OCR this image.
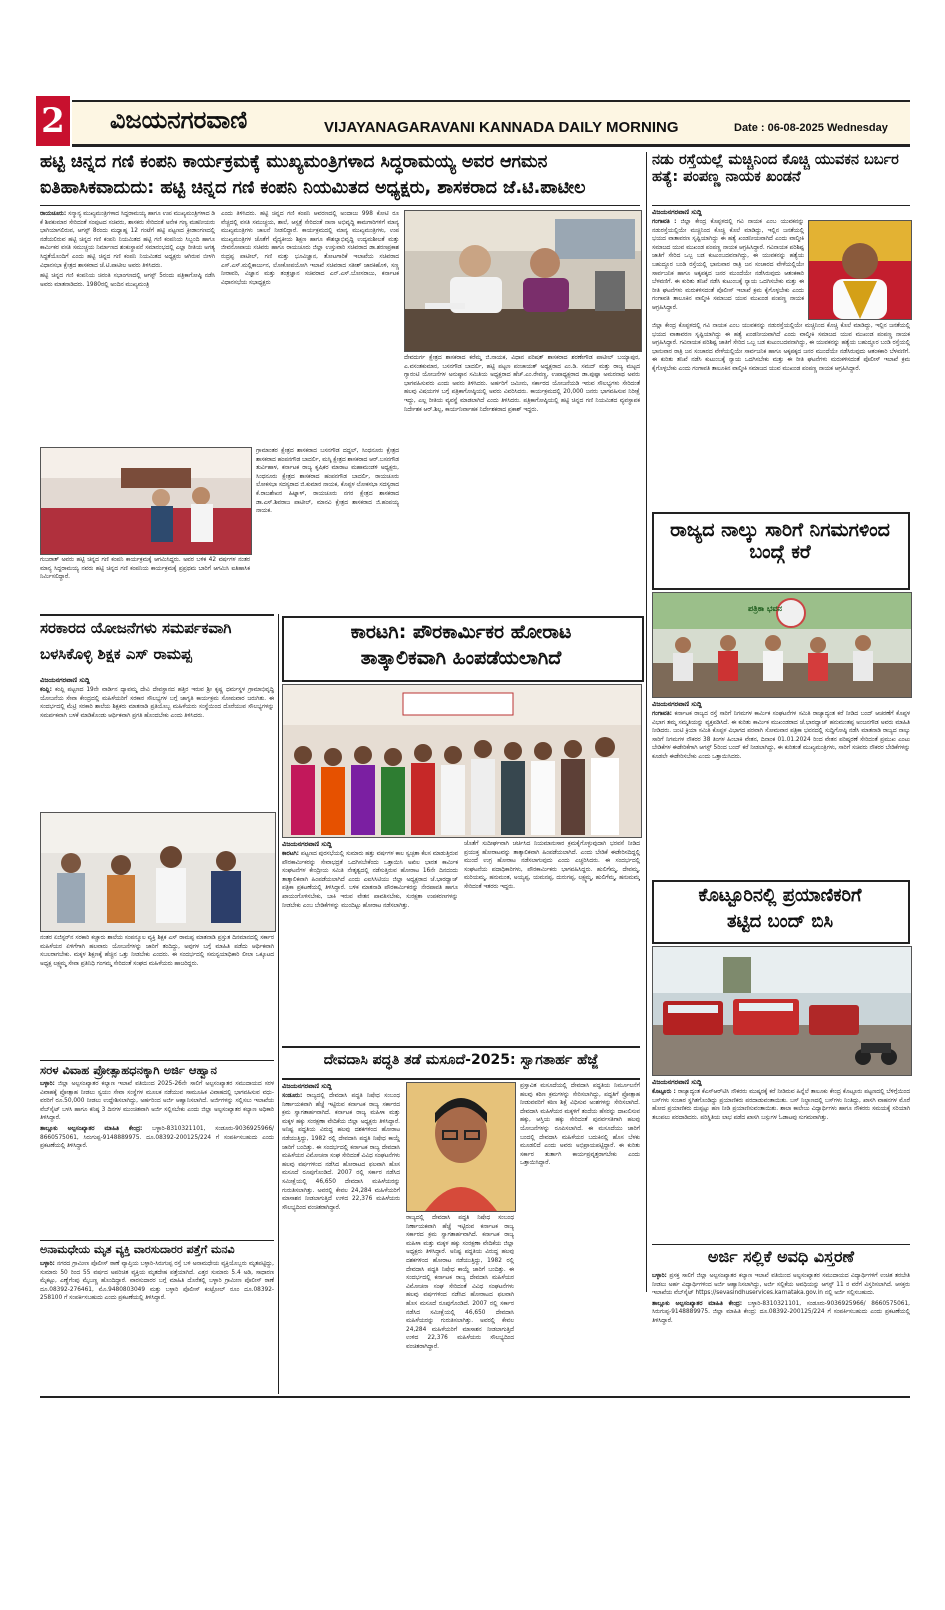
2 ವಿಜಯನಗರವಾಣಿ	VIJAYANAGARAVANI KANNADA DAILY MORNING	Date : 06-08-2025 Wednesday
ಹಟ್ಟಿ ಚಿನ್ನದ ಗಣಿ ಕಂಪನಿ ಕಾರ್ಯಕ್ರಮಕ್ಕೆ ಮುಖ್ಯಮಂತ್ರಿಗಳಾದ ಸಿದ್ಧರಾಮಯ್ಯ ಅವರ ಆಗಮನ
ಐತಿಹಾಸಿಕವಾದುದು: ಹಟ್ಟಿ ಚಿನ್ನದ ಗಣಿ ಕಂಪನಿ ನಿಯಮಿತದ ಅಧ್ಯಕ್ಷರು, ಶಾಸಕರಾದ ಜೆ.ಟಿ.ಪಾಟೀಲ

ರಾಯಚೂರು: ಸನ್ಮಾನ್ಯ ಮುಖ್ಯಮಂತ್ರಿಗಳಾದ ಸಿದ್ದರಾಮಯ್ಯ ಹಾಗೂ ಉಪ ಮುಖ್ಯಮಂತ್ರಿಗಳಾದ ಡಿ ಕೆ ಶಿವಕುಮಾರ ಸೇರಿದಂತೆ ಸಂಪುಟದ ಸಚಿವರು, ಶಾಸಕರು ಸೇರಿದಂತೆ ಅನೇಕ ಗಣ್ಯ ಮಹನೀಯರು ಭಾಗಿಯಾಗಲಿರುವ, ಆಗಸ್ಟ್ 8ರಂದು ಮಧ್ಯಾಹ್ನ 12 ಗಂಟೆಗೆ ಹಟ್ಟಿ ಪಟ್ಟಣದ ಕ್ರೀಡಾಂಗಣದಲ್ಲಿ ನಡೆಯಲಿರುವ ಹಟ್ಟಿ ಚಿನ್ನದ ಗಣಿ ಕಂಪನಿ ನಿಯಮಿತದ ಹಟ್ಟಿ ಗಣಿ ಕಂಪನಿಯ ಸಿಬ್ಬಂದಿ ಹಾಗೂ ಕಾರ್ಮಿಕರ ವಸತಿ ಸಮುಚ್ಚಯ ನಿರ್ಮಾಣದ ಶಂಕುಸ್ಥಾಪನೆ ಸಮಾರಂಭದಲ್ಲಿ ಎಲ್ಲಾ ರೀತಿಯ ಅಗತ್ಯ ಸಿದ್ಧತೆಯೊಂದಿಗೆ ಎಂದು ಹಟ್ಟಿ ಚಿನ್ನದ ಗಣಿ ಕಂಪನಿ ನಿಯಮಿತದ ಅಧ್ಯಕ್ಷರು ಆಗಿರುವ ಬೀಳಗಿ ವಿಧಾನಸಭಾ ಕ್ಷೇತ್ರದ ಶಾಸಕರಾದ ಜೆ.ಟಿ.ಪಾಟೀಲ ಅವರು ತಿಳಿಸಿದರು.

ಹಟ್ಟಿ ಚಿನ್ನದ ಗಣಿ ಕಂಪನಿಯ ಚಿರಂತಿ ಸಭಾಂಗಣದಲ್ಲಿ ಆಗಸ್ಟ್ 5ರಂದು ಪತ್ರಿಕಾಗೋಷ್ಠಿ ನಡೆಸಿ ಅವರು ಮಾತನಾಡಿದರು. 1980ರಲ್ಲಿ ಅಂದಿನ ಮುಖ್ಯಮಂತ್ರಿ

ಎಂದು ತಿಳಿಸಿದರು. ಹಟ್ಟಿ ಚಿನ್ನದ ಗಣಿ ಕಂಪನಿ ಆವರಣದಲ್ಲಿ ಅಂದಾಜು 998 ಕೋಟಿ ರೂ ವೆಚ್ಚದಲ್ಲಿ ವಸತಿ ಸಮುಚ್ಚಯ, ಶಾಲೆ, ಆಸ್ಪತ್ರೆ ಸೇರಿದಂತೆ ನಾನಾ ಅಭಿವೃದ್ಧಿ ಕಾಮಗಾರಿಗಳಿಗೆ ಮಾನ್ಯ ಮುಖ್ಯಮಂತ್ರಿಗಳು ಚಾಲನೆ ನೀಡಲಿದ್ದಾರೆ. ಕಾರ್ಯಕ್ರಮದಲ್ಲಿ ಮಾನ್ಯ ಮುಖ್ಯಮಂತ್ರಿಗಳು, ಉಪ ಮುಖ್ಯಮಂತ್ರಿಗಳ ಜೊತೆಗೆ ವೈದ್ಯಕೀಯ ಶಿಕ್ಷಣ ಹಾಗೂ ಕೌಶಲ್ಯಾಭಿವೃದ್ಧಿ ಉದ್ಯಮಶೀಲತೆ ಮತ್ತು ಜೀವನೋಪಾಯ ಸಚಿವರು ಹಾಗೂ ರಾಯಚೂರು ಜಿಲ್ಲಾ ಉಸ್ತುವಾರಿ ಸಚಿವರಾದ ಡಾ.ಶರಣಪ್ರಕಾಶ ರುದ್ರಪ್ಪ ಪಾಟೀಲ್, ಗಣಿ ಮತ್ತು ಭೂವಿಜ್ಞಾನ, ತೋಟಗಾರಿಕೆ ಇಲಾಖೆಯ ಸಚಿವರಾದ ಎಸ್.ಎಸ್.ಮಲ್ಲಿಕಾರ್ಜುನ, ಲೋಕೋಪಯೋಗಿ ಇಲಾಖೆ ಸಚಿವರಾದ ಸತೀಶ್ ಜಾರಕಿಹೊಳಿ, ಸಣ್ಣ ನೀರಾವರಿ, ವಿಜ್ಞಾನ ಮತ್ತು ತಂತ್ರಜ್ಞಾನ ಸಚಿವರಾದ ಎನ್.ಎಸ್.ಬೋಸರಾಜು, ಕರ್ನಾಟಕ ವಿಧಾನಸಭೆಯ ಸಭಾಧ್ಯಕ್ಷರು

ದೇವದುರ್ಗ ಕ್ಷೇತ್ರದ ಶಾಸಕರಾದ ಕರೆಮ್ಮ ಜಿ.ನಾಯಕ, ವಿಧಾನ ಪರಿಷತ್ ಶಾಸಕರಾದ ಶರಣೇಗೌಡ ಪಾಟೀಲ್ ಬಯ್ಯಾಪುರ, ಎ.ವಸಂತಕುಮಾರ, ಬಸನಗೌಡ ಬಾದರ್ಲಿ, ಹಟ್ಟಿ ಪಟ್ಟಣ ಪಂಚಾಯತ್ ಅಧ್ಯಕ್ಷರಾದ ಎಂ.ಡಿ. ಸಮದ್ ಮತ್ತು ರಾಜ್ಯ ಮಟ್ಟದ ಗ್ಯಾರಂಟಿ ಯೋಜನೆಗಳ ಅನುಷ್ಠಾನ ಸಮಿತಿಯ ಅಧ್ಯಕ್ಷರಾದ ಹೆಚ್.ಎಂ.ರೇವಣ್ಣ, ಉಪಾಧ್ಯಕ್ಷರಾದ ಡಾ.ಪುಷ್ಪಾ ಅಮರನಾಥ ಅವರು ಭಾಗವಹಿಸುವರು ಎಂದು ಅವರು ತಿಳಿಸಿದರು. ಅರ್ಹರಿಗೆ ಜಮೀನು, ಸರ್ಕಾರದ ಯೋಜನೆಯಡಿ ಇರುವ ಸೌಲಭ್ಯಗಳು ಸೇರಿದಂತೆ ಹಲವು ವಿಷಯಗಳ ಬಗ್ಗೆ ಪತ್ರಿಕಾಗೋಷ್ಠಿಯಲ್ಲಿ ಅವರು ವಿವರಿಸಿದರು. ಕಾರ್ಯಕ್ರಮದಲ್ಲಿ 20,000 ಜನರು ಭಾಗವಹಿಸುವ ನಿರೀಕ್ಷೆ ಇದ್ದು, ಎಲ್ಲ ರೀತಿಯ ವ್ಯವಸ್ಥೆ ಮಾಡಲಾಗಿದೆ ಎಂದು ತಿಳಿಸಿದರು. ಪತ್ರಿಕಾಗೋಷ್ಠಿಯಲ್ಲಿ ಹಟ್ಟಿ ಚಿನ್ನದ ಗಣಿ ನಿಯಮಿತದ ವ್ಯವಸ್ಥಾಪಕ ನಿರ್ದೇಶಕ ಆರ್.ಶಿಲ್ಪ, ಕಾರ್ಯನಿರ್ವಾಹಕ ನಿರ್ದೇಶಕರಾದ ಪ್ರಕಾಶ್ ಇದ್ದರು.

ಗ್ರಾಮಾಂತರ ಕ್ಷೇತ್ರದ ಶಾಸಕರಾದ ಬಸನಗೌಡ ದದ್ದಲ್, ಸಿಂಧನೂರು ಕ್ಷೇತ್ರದ ಶಾಸಕರಾದ ಹಂಪನಗೌಡ ಬಾದರ್ಲಿ, ಮಸ್ಕಿ ಕ್ಷೇತ್ರದ ಶಾಸಕರಾದ ಆರ್.ಬಸನಗೌಡ ತುರ್ವಿಹಾಳ, ಕರ್ನಾಟಕ ರಾಜ್ಯ ಕೃಷಿಕರ ಮಾರಾಟ ಮಹಾಮಂಡಳಿ ಅಧ್ಯಕ್ಷರು, ಸಿಂಧನೂರು ಕ್ಷೇತ್ರದ ಶಾಸಕರಾದ ಹಂಪನಗೌಡ ಬಾದರ್ಲಿ, ರಾಯಚೂರು ಲೋಕಸಭಾ ಸದಸ್ಯರಾದ ಜಿ.ಕುಮಾರ ನಾಯಕ, ಕೊಪ್ಪಳ ಲೋಕಸಭಾ ಸದಸ್ಯರಾದ ಕೆ.ರಾಜಶೇಖರ ಹಿಟ್ನಾಳ್, ರಾಯಚೂರು ನಗರ ಕ್ಷೇತ್ರದ ಶಾಸಕರಾದ ಡಾ.ಎಸ್.ಶಿವರಾಜ ಪಾಟೀಲ್, ಮಾನವಿ ಕ್ಷೇತ್ರದ ಶಾಸಕರಾದ ಜಿ.ಹಂಪಯ್ಯ ನಾಯಕ.

ಗುಜರಾತ್ ಅವರು ಹಟ್ಟಿ ಚಿನ್ನದ ಗಣಿ ಕಂಪನಿ ಕಾರ್ಯಕ್ರಮಕ್ಕೆ ಆಗಮಿಸಿದ್ದರು. ಅವರ ಬಳಿಕ 42 ವರ್ಷಗಳ ನಂತರ ಮಾನ್ಯ ಸಿದ್ದರಾಮಯ್ಯ ನವರು ಹಟ್ಟಿ ಚಿನ್ನದ ಗಣಿ ಕಂಪನಿಯ ಕಾರ್ಯಕ್ರಮಕ್ಕೆ ಪ್ರಪ್ರಥಮ ಬಾರಿಗೆ ಆಗಮಿಸಿ ಐತಿಹಾಸಿಕ ನಿರ್ಮಿಸಲಿದ್ದಾರೆ.

ನಡು ರಸ್ತೆಯಲ್ಲೆ ಮಚ್ಚಿನಿಂದ ಕೊಚ್ಚಿ ಯುವಕನ ಬರ್ಬರ ಹತ್ಯೆ: ಪಂಪಣ್ಣ ನಾಯಕ ಖಂಡನೆ
ವಿಜಯನಗರವಾಣಿ ಸುದ್ದಿ

ಗಂಗಾವತಿ : ಜಿಲ್ಲಾ ಕೇಂದ್ರ ಕೊಪ್ಪಳದಲ್ಲಿ ಗವಿ ನಾಯಕ ಎಂಬ ಯುವಕನನ್ನು ನಡುರಸ್ತೆಯಲ್ಲಿಯೇ ಮಚ್ಚಿನಿಂದ ಕೊಚ್ಚಿ ಕೊಲೆ ಮಾಡಿದ್ದು, ಇಲ್ಲಿನ ಜನತೆಯಲ್ಲಿ ಭಯದ ವಾತಾವರಣ ಸೃಷ್ಟಿಯಾಗಿದ್ದು ಈ ಹತ್ಯೆ ಖಂಡನೀಯವಾಗಿದೆ ಎಂದು ವಾಲ್ಮೀಕಿ ಸಮಾಜದ ಯುವ ಮುಖಂಡ ಪಂಪಣ್ಣ ನಾಯಕ ಆಗ್ರಹಿಸಿದ್ದಾರೆ. ಗವಿನಾಯಕ ಪರಿಶಿಷ್ಟ ಜಾತಿಗೆ ಸೇರಿದ ಒಬ್ಬ ಬಡ ಕುಟುಂಬದವನಾಗಿದ್ದು, ಈ ಯುವಕನನ್ನು ಹತ್ಯೆಯ ಬಹುದ್ದೂರ ಬಂಡಿ ರಸ್ತೆಯಲ್ಲಿ ಭಾನುವಾರ ರಾತ್ರಿ ಜನ ಸಂಚಾರದ ವೇಳೆಯಲ್ಲಿಯೇ ಸಾರ್ವಜನಿಕ ಹಾಗೂ ಅಕ್ಕಪಕ್ಕದ ಜನರ ಮುಂದೆಯೇ ನಡೆಸಿರುವುದು ಆತಂಕಕಾರಿ ಬೆಳವಣಿಗೆ. ಈ ಕುರಿತು ತನಿಖೆ ನಡೆಸಿ ಕುಟುಂಬಕ್ಕೆ ನ್ಯಾಯ ಒದಗಿಸಬೇಕು ಮತ್ತು ಈ ರೀತಿ ಘಟನೆಗಳು ಮರುಕಳಿಸದಂತೆ ಪೊಲೀಸ್ ಇಲಾಖೆ ಕ್ರಮ ಕೈಗೊಳ್ಳಬೇಕು ಎಂದು ಗಂಗಾವತಿ ತಾಲೂಕಿನ ವಾಲ್ಮೀಕಿ ಸಮಾಜದ ಯುವ ಮುಖಂಡ ಪಂಪಣ್ಣ ನಾಯಕ ಆಗ್ರಹಿಸಿದ್ದಾರೆ.

ಜಿಲ್ಲಾ ಕೇಂದ್ರ ಕೊಪ್ಪಳದಲ್ಲಿ ಗವಿ ನಾಯಕ ಎಂಬ ಯುವಕನನ್ನು ನಡುರಸ್ತೆಯಲ್ಲಿಯೇ ಮಚ್ಚಿನಿಂದ ಕೊಚ್ಚಿ ಕೊಲೆ ಮಾಡಿದ್ದು, ಇಲ್ಲಿನ ಜನತೆಯಲ್ಲಿ ಭಯದ ವಾತಾವರಣ ಸೃಷ್ಟಿಯಾಗಿದ್ದು ಈ ಹತ್ಯೆ ಖಂಡನೀಯವಾಗಿದೆ ಎಂದು ವಾಲ್ಮೀಕಿ ಸಮಾಜದ ಯುವ ಮುಖಂಡ ಪಂಪಣ್ಣ ನಾಯಕ ಆಗ್ರಹಿಸಿದ್ದಾರೆ. ಗವಿನಾಯಕ ಪರಿಶಿಷ್ಟ ಜಾತಿಗೆ ಸೇರಿದ ಒಬ್ಬ ಬಡ ಕುಟುಂಬದವನಾಗಿದ್ದು, ಈ ಯುವಕನನ್ನು ಹತ್ಯೆಯ ಬಹುದ್ದೂರ ಬಂಡಿ ರಸ್ತೆಯಲ್ಲಿ ಭಾನುವಾರ ರಾತ್ರಿ ಜನ ಸಂಚಾರದ ವೇಳೆಯಲ್ಲಿಯೇ ಸಾರ್ವಜನಿಕ ಹಾಗೂ ಅಕ್ಕಪಕ್ಕದ ಜನರ ಮುಂದೆಯೇ ನಡೆಸಿರುವುದು ಆತಂಕಕಾರಿ ಬೆಳವಣಿಗೆ. ಈ ಕುರಿತು ತನಿಖೆ ನಡೆಸಿ ಕುಟುಂಬಕ್ಕೆ ನ್ಯಾಯ ಒದಗಿಸಬೇಕು ಮತ್ತು ಈ ರೀತಿ ಘಟನೆಗಳು ಮರುಕಳಿಸದಂತೆ ಪೊಲೀಸ್ ಇಲಾಖೆ ಕ್ರಮ ಕೈಗೊಳ್ಳಬೇಕು ಎಂದು ಗಂಗಾವತಿ ತಾಲೂಕಿನ ವಾಲ್ಮೀಕಿ ಸಮಾಜದ ಯುವ ಮುಖಂಡ ಪಂಪಣ್ಣ ನಾಯಕ ಆಗ್ರಹಿಸಿದ್ದಾರೆ.

ರಾಜ್ಯದ ನಾಲ್ಕು ಸಾರಿಗೆ ನಿಗಮಗಳಿಂದ ಬಂದ್ಗೆ ಕರೆ
ಪತ್ರಿಕಾ ಭವನ
ವಿಜಯನಗರವಾಣಿ ಸುದ್ದಿ

ಗಂಗಾವತಿ: ಕರ್ನಾಟಕ ರಾಜ್ಯದ ರಸ್ತೆ ಸಾರಿಗೆ ನಿಗಮಗಳ ಕಾರ್ಮಿಕ ಸಂಘಟನೆಗಳ ಸಮಿತಿ ರಾಜ್ಯಾದ್ಯಂತ ಕರೆ ನೀಡಿದ ಬಂದ್ ಆಚರಣೆಗೆ ಕೊಪ್ಪಳ ವಿಭಾಗ ತಮ್ಮ ಸಮ್ಮತಿಯನ್ನು ವ್ಯಕ್ತಪಡಿಸಿದೆ. ಈ ಕುರಿತು ಕಾರ್ಮಿಕ ಮುಖಂಡರಾದ ಜೆ.ಭಾರದ್ವಾಜ್ ಹನುಮಂತಪ್ಪ ಅಂಜನಗೌಡ ಅವರು ಮಾಹಿತಿ ನೀಡಿದರು. ಜಂಟಿ ಕ್ರಿಯಾ ಸಮಿತಿ ಕೊಪ್ಪಳ ವಿಭಾಗದ ಪರವಾಗಿ ಸೋಮವಾರ ಪತ್ರಿಕಾ ಭವನದಲ್ಲಿ ಸುದ್ದಿಗೋಷ್ಠಿ ನಡೆಸಿ ಮಾತನಾಡಿ ರಾಜ್ಯದ ನಾಲ್ಕು ಸಾರಿಗೆ ನಿಗಮಗಳ ನೌಕರರ 38 ತಿಂಗಳ ಹಿಂಬಾಕಿ ವೇತನ, ದಿನಾಂಕ 01.01.2024 ರಿಂದ ವೇತನ ಪರಿಷ್ಕರಣೆ ಸೇರಿದಂತೆ ಪ್ರಮುಖ ಎಂಟು ಬೇಡಿಕೆಗಳ ಈಡೇರಿಕೆಗಾಗಿ ಆಗಸ್ಟ್ 5ರಿಂದ ಬಂದ್ ಕರೆ ನೀಡಲಾಗಿದ್ದು, ಈ ಕುರಿತಂತೆ ಮುಖ್ಯಮಂತ್ರಿಗಳು, ಸಾರಿಗೆ ಸಚಿವರು ನೌಕರರ ಬೇಡಿಕೆಗಳನ್ನು ಕೂಡಲೇ ಈಡೇರಿಸಬೇಕು ಎಂದು ಒತ್ತಾಯಿಸಿದರು.

ಕೊಟ್ಟೂರಿನಲ್ಲಿ ಪ್ರಯಾಣಿಕರಿಗೆ
ತಟ್ಟಿದ ಬಂದ್ ಬಿಸಿ
ವಿಜಯನಗರವಾಣಿ ಸುದ್ದಿ

ಕೊಟ್ಟೂರು : ರಾಜ್ಯಾದ್ಯಂತ ಕೆಎಸ್ಆರ್‌ಟಿಸಿ ನೌಕರರು ಮುಷ್ಕರಕ್ಕೆ ಕರೆ ನೀಡಿರುವ ಹಿನ್ನೆಲೆ ತಾಲೂಕು ಕೇಂದ್ರ ಕೊಟ್ಟೂರು ಪಟ್ಟಣದಲ್ಲಿ ಬೆಳಿಗ್ಗೆಯಿಂದ ಬಸ್‌ಗಳು ಸಂಚಾರ ಸ್ಥಗಿತಗೊಂಡಿದ್ದು ಪ್ರಯಾಣಿಕರು ಪರದಾಡುವಂತಾಯಿತು. ಬಸ್ ನಿಲ್ದಾಣದಲ್ಲಿ ಬಸ್‌ಗಳು ನಿಂತಿದ್ದು, ಖಾಸಗಿ ವಾಹನಗಳ ಮೊರೆ ಹೋದ ಪ್ರಯಾಣಿಕರು ದುಪ್ಪಟ್ಟು ಹಣ ನೀಡಿ ಪ್ರಯಾಣಿಸುವಂತಾಯಿತು. ಶಾಲಾ ಕಾಲೇಜು ವಿದ್ಯಾರ್ಥಿಗಳು ಹಾಗೂ ನೌಕರರು ಸಮಯಕ್ಕೆ ಸರಿಯಾಗಿ ತಲುಪಲು ಪರದಾಡಿದರು. ಪರಿಸ್ಥಿತಿಯ ಲಾಭ ಪಡೆದ ಖಾಸಗಿ ಬಸ್ಸುಗಳ ಓಡಾಟವು ಸುಗಮವಾಗಿತ್ತು.

ಅರ್ಜಿ ಸಲ್ಲಿಕೆ ಅವಧಿ ವಿಸ್ತರಣೆ

ಬಳ್ಳಾರಿ: ಪ್ರಸಕ್ತ ಸಾಲಿಗೆ ಜಿಲ್ಲಾ ಅಲ್ಪಸಂಖ್ಯಾತರ ಕಲ್ಯಾಣ ಇಲಾಖೆ ವತಿಯಿಂದ ಅಲ್ಪಸಂಖ್ಯಾತರ ಸಮುದಾಯದ ವಿದ್ಯಾರ್ಥಿಗಳಿಗೆ ಉಚಿತ ತರಬೇತಿ ನೀಡಲು ಅರ್ಹ ವಿದ್ಯಾರ್ಥಿಗಳಿಂದ ಅರ್ಜಿ ಆಹ್ವಾನಿಸಲಾಗಿದ್ದು, ಅರ್ಜಿ ಸಲ್ಲಿಕೆಯ ಅವಧಿಯನ್ನು ಆಗಸ್ಟ್ 11 ರ ವರೆಗೆ ವಿಸ್ತರಿಸಲಾಗಿದೆ. ಆಸಕ್ತರು ಇಲಾಖೆಯ ವೆಬ್‌ಸೈಟ್ https://sevasindhuservices.karnataka.gov.in ನಲ್ಲಿ ಅರ್ಜಿ ಸಲ್ಲಿಸಬಹುದು.

ತಾಲ್ಲೂಕು ಅಲ್ಪಸಂಖ್ಯಾತರ ಮಾಹಿತಿ ಕೇಂದ್ರ: ಬಳ್ಳಾರಿ-8310321101, ಸಂಡೂರು-9036925966/ 8660575061, ಸಿರುಗುಪ್ಪ-9148889975. ಜಿಲ್ಲಾ ಮಾಹಿತಿ ಕೇಂದ್ರ: ದೂ.08392-200125/224 ಗೆ ಸಂಪರ್ಕಿಸಬಹುದು ಎಂದು ಪ್ರಕಟಣೆಯಲ್ಲಿ ತಿಳಿಸಿದ್ದಾರೆ.

ಸರಕಾರದ ಯೋಜನೆಗಳು ಸಮರ್ಪಕವಾಗಿ
ಬಳಸಿಕೊಳ್ಳಿ ಶಿಕ್ಷಕ ಎಸ್ ರಾಮಪ್ಪ
ವಿಜಯನಗರವಾಣಿ ಸುದ್ದಿ

ಕಂಪ್ಲಿ: ಕಂಪ್ಲಿ ಪಟ್ಟಣದ 19ನೇ ವಾರ್ಡಿನ ದ್ಯಾವಮ್ಮ ದೇವಿ ದೇವಸ್ಥಾನದ ಹತ್ತಿರ ಇರುವ ಶ್ರೀ ಕೃಷ್ಣ ಧರ್ಮಸ್ಥಳ ಗ್ರಾಮಾಭಿವೃದ್ಧಿ ಯೋಜನೆಯ ಸೇವಾ ಕೇಂದ್ರದಲ್ಲಿ ಮಹಿಳೆಯರಿಗೆ ಸರಕಾರ ಸೌಲಭ್ಯಗಳ ಬಗ್ಗೆ ಜಾಗೃತಿ ಕಾರ್ಯಕ್ರಮ ಸೋಮವಾರ ಜರುಗಿತು. ಈ ಸಂದರ್ಭದಲ್ಲಿ ಮೆಟ್ರಿ ಸರಕಾರಿ ಶಾಲೆಯ ಶಿಕ್ಷಕರು ಮಾತನಾಡಿ ಪ್ರತಿಯೊಬ್ಬ ಮಹಿಳೆಯರು ಸಂಸ್ಥೆಯಿಂದ ದೊರೆಯುವ ಸೌಲಭ್ಯಗಳನ್ನು ಸಮರ್ಪಕವಾಗಿ ಬಳಕೆ ಮಾಡಿಕೊಂಡು ಆರ್ಥಿಕವಾಗಿ ಪ್ರಗತಿ ಹೊಂದಬೇಕು ಎಂದು ತಿಳಿಸಿದರು.

ನಂತರ ಏಜಿಸ್ಟರ್‌ನ ಸರಕಾರಿ ಕಚ್ಚಾರು ಶಾಲೆಯ ಸಂಪನ್ಮೂಲ ವ್ಯಕ್ತಿ ಶಿಕ್ಷಕ ಎಸ್ ರಾಮಪ್ಪ ಮಾತನಾಡಿ ಪ್ರಸ್ತುತ ದಿನಮಾನದಲ್ಲಿ ಸರ್ಕಾರ ಮಹಿಳೆಯರ ಏಳಿಗೆಗಾಗಿ ಹಲವಾರು ಯೋಜನೆಗಳನ್ನು ಜಾರಿಗೆ ತಂದಿದ್ದು, ಅವುಗಳ ಬಗ್ಗೆ ಮಾಹಿತಿ ಪಡೆದು ಆರ್ಥಿಕವಾಗಿ ಸಬಲರಾಗಬೇಕು. ಮಕ್ಕಳ ಶಿಕ್ಷಣಕ್ಕೆ ಹೆಚ್ಚಿನ ಒತ್ತು ನೀಡಬೇಕು ಎಂದರು. ಈ ಸಂದರ್ಭದಲ್ಲಿ ಸಮನ್ವಯಾಧಿಕಾರಿ ಲೀಲಾ ಒಕ್ಕೂಟದ ಅಧ್ಯಕ್ಷ ಲಕ್ಷ್ಮಮ್ಮ ಸೇವಾ ಪ್ರತಿನಿಧಿ ಗಂಗಮ್ಮ ಸೇರಿದಂತೆ ಸಂಘದ ಮಹಿಳೆಯರು ಹಾಜರಿದ್ದರು.

ಸರಳ ವಿವಾಹ ಪ್ರೋತ್ಸಾಹಧನಕ್ಕಾಗಿ ಅರ್ಜಿ ಆಹ್ವಾನ

ಬಳ್ಳಾರಿ: ಜಿಲ್ಲಾ ಅಲ್ಪಸಂಖ್ಯಾತರ ಕಲ್ಯಾಣ ಇಲಾಖೆ ವತಿಯಿಂದ 2025-26ನೇ ಸಾಲಿಗೆ ಅಲ್ಪಸಂಖ್ಯಾತರ ಸಮುದಾಯದ ಸರಳ ವಿವಾಹಕ್ಕೆ ಪ್ರೋತ್ಸಾಹ ನೀಡಲು ಸ್ವಯಂ ಸೇವಾ ಸಂಸ್ಥೆಗಳ ಮೂಲಕ ನಡೆಯುವ ಸಾಮೂಹಿಕ ವಿವಾಹದಲ್ಲಿ ಭಾಗವಹಿಸುವ ವಧು-ವರರಿಗೆ ರೂ.50,000 ನೀಡಲು ಉದ್ದೇಶಿಸಲಾಗಿದ್ದು, ಅರ್ಹರಿಂದ ಅರ್ಜಿ ಆಹ್ವಾನಿಸಲಾಗಿದೆ. ಅರ್ಜಿಗಳನ್ನು ಸಲ್ಲಿಸಲು ಇಲಾಖೆಯ ವೆಬ್‌ಸೈಟ್ ಬಳಸಿ ಹಾಗೂ ಕನಿಷ್ಠ 3 ದಿನಗಳ ಮುಂಚಿತವಾಗಿ ಅರ್ಜಿ ಸಲ್ಲಿಸಬೇಕು ಎಂದು ಜಿಲ್ಲಾ ಅಲ್ಪಸಂಖ್ಯಾತರ ಕಲ್ಯಾಣ ಅಧಿಕಾರಿ ತಿಳಿಸಿದ್ದಾರೆ.

ತಾಲ್ಲೂಕು ಅಲ್ಪಸಂಖ್ಯಾತರ ಮಾಹಿತಿ ಕೇಂದ್ರ: ಬಳ್ಳಾರಿ-8310321101, ಸಂಡೂರು-9036925966/ 8660575061, ಸಿರುಗುಪ್ಪ-9148889975. ದೂ.08392-200125/224 ಗೆ ಸಂಪರ್ಕಿಸಬಹುದು ಎಂದು ಪ್ರಕಟಣೆಯಲ್ಲಿ ತಿಳಿಸಿದ್ದಾರೆ.

ಅನಾಮಧೇಯ ಮೃತ ವ್ಯಕ್ತಿ ವಾರಸುದಾರರ ಪತ್ತೆಗೆ ಮನವಿ

ಬಳ್ಳಾರಿ: ನಗರದ ಗ್ರಾಮೀಣ ಪೊಲೀಸ್ ಠಾಣೆ ವ್ಯಾಪ್ತಿಯ ಬಳ್ಳಾರಿ-ಸಿರುಗುಪ್ಪ ರಸ್ತೆ ಬಳಿ ಅನಾಮಧೇಯ ವ್ಯಕ್ತಿಯೊಬ್ಬರು ಮೃತಪಟ್ಟಿದ್ದು, ಸುಮಾರು 50 ರಿಂದ 55 ವರ್ಷದ ಅಪರಿಚಿತ ವ್ಯಕ್ತಿಯ ಮೃತದೇಹ ಪತ್ತೆಯಾಗಿದೆ. ಎತ್ತರ ಸುಮಾರು 5.4 ಅಡಿ, ಸಾಧಾರಣ ಮೈಕಟ್ಟು, ಎಣ್ಣೆಗೆಂಪು ಮೈಬಣ್ಣ ಹೊಂದಿದ್ದಾರೆ. ವಾರಸುದಾರರ ಬಗ್ಗೆ ಮಾಹಿತಿ ದೊರೆತಲ್ಲಿ ಬಳ್ಳಾರಿ ಗ್ರಾಮೀಣ ಪೊಲೀಸ್ ಠಾಣೆ ದೂ.08392-276461, ಮೊ.9480803049 ಮತ್ತು ಬಳ್ಳಾರಿ ಪೊಲೀಸ್ ಕಂಟ್ರೋಲ್ ರೂಂ ದೂ.08392-258100 ಗೆ ಸಂಪರ್ಕಿಸಬಹುದು ಎಂದು ಪ್ರಕಟಣೆಯಲ್ಲಿ ತಿಳಿಸಿದ್ದಾರೆ.

ಕಾರಟಗಿ: ಪೌರಕಾರ್ಮಿಕರ ಹೋರಾಟ
ತಾತ್ಕಾಲಿಕವಾಗಿ ಹಿಂಪಡೆಯಲಾಗಿದೆ
ವಿಜಯನಗರವಾಣಿ ಸುದ್ದಿ

ಕಾರಟಗಿ: ಪಟ್ಟಣದ ಪುರಸಭೆಯಲ್ಲಿ ಸುಮಾರು ಹತ್ತು ವರ್ಷಗಳ ಕಾಲ ಸ್ವಚ್ಛತಾ ಕೆಲಸ ಮಾಡುತ್ತಿರುವ ಪೌರಕಾರ್ಮಿಕರನ್ನು ಸೇವಾಭದ್ರತೆ ಒದಗಿಸಬೇಕೆಂದು ಒತ್ತಾಯಿಸಿ ಅಖಿಲ ಭಾರತ ಕಾರ್ಮಿಕ ಸಂಘಟನೆಗಳ ಕೇಂದ್ರೀಯ ಸಮಿತಿ ನೇತೃತ್ವದಲ್ಲಿ ನಡೆಸುತ್ತಿರುವ ಹೋರಾಟ 16ನೇ ದಿನದಂದು ತಾತ್ಕಾಲಿಕವಾಗಿ ಹಿಂಪಡೆಯಲಾಗಿದೆ ಎಂದು ಎಐಸಿಸಿಟಿಯು ಜಿಲ್ಲಾ ಅಧ್ಯಕ್ಷರಾದ ಜೆ.ಭಾರದ್ವಾಜ್ ಪತ್ರಿಕಾ ಪ್ರಕಟಣೆಯಲ್ಲಿ ತಿಳಿಸಿದ್ದಾರೆ. ಬಳಿಕ ಮಾತನಾಡಿ ಪೌರಕಾರ್ಮಿಕರನ್ನು ನೇರಪಾವತಿ ಹಾಗೂ ಖಾಯಂಗೊಳಿಸಬೇಕು, ಬಾಕಿ ಇರುವ ವೇತನ ಪಾವತಿಸಬೇಕು, ಸುರಕ್ಷತಾ ಉಪಕರಣಗಳನ್ನು ನೀಡಬೇಕು ಎಂಬ ಬೇಡಿಕೆಗಳನ್ನು ಮುಂದಿಟ್ಟು ಹೋರಾಟ ನಡೆಸಲಾಗಿತ್ತು.

ಜೊತೆಗೆ ಸುದೀರ್ಘವಾಗಿ ಚರ್ಚಿಸಿದ ನಿಯಮಾನುಸಾರ ಕ್ರಮಕೈಗೊಳ್ಳುವುದಾಗಿ ಭರವಸೆ ನೀಡಿದ ಪ್ರಯುಕ್ತ ಹೋರಾಟವನ್ನು ತಾತ್ಕಾಲಿಕವಾಗಿ ಹಿಂಪಡೆಯಲಾಗಿದೆ. ಎಂದು ಬೇಡಿಕೆ ಈಡೇರಿಸದಿದ್ದಲ್ಲಿ ಮುಂದೆ ಉಗ್ರ ಹೋರಾಟ ನಡೆಸಲಾಗುವುದು ಎಂದು ಎಚ್ಚರಿಸಿದರು. ಈ ಸಂದರ್ಭದಲ್ಲಿ ಸಂಘಟನೆಯ ಪದಾಧಿಕಾರಿಗಳು, ಪೌರಕಾರ್ಮಿಕರು ಭಾಗವಹಿಸಿದ್ದರು. ಹುಲಿಗೆಮ್ಮ, ದೇವಮ್ಮ, ಮರಿಯಮ್ಮ, ಹನುಮಂತ, ಅಯ್ಯಪ್ಪ, ಯಮನಪ್ಪ, ದುರುಗಪ್ಪ, ಲಕ್ಷ್ಮಮ್ಮ, ಹುಲಿಗೆಮ್ಮ, ಹನುಮಮ್ಮ ಸೇರಿದಂತೆ ಇತರರು ಇದ್ದರು.

ದೇವದಾಸಿ ಪದ್ಧತಿ ತಡೆ ಮಸೂದೆ-2025: ಸ್ವಾಗತಾರ್ಹ ಹೆಜ್ಜೆ
ವಿಜಯನಗರವಾಣಿ ಸುದ್ದಿ

ಸಂಡೂರು: ರಾಜ್ಯದಲ್ಲಿ ದೇವದಾಸಿ ಪದ್ಧತಿ ನಿಷೇಧ ಸಂಬಂಧ ನಿರ್ಣಾಯಕವಾಗಿ ಹೆಜ್ಜೆ ಇಟ್ಟಿರುವ ಕರ್ನಾಟಕ ರಾಜ್ಯ ಸರ್ಕಾರದ ಕ್ರಮ ಸ್ವಾಗತಾರ್ಹವಾಗಿದೆ. ಕರ್ನಾಟಕ ರಾಜ್ಯ ಮಹಿಳಾ ಮತ್ತು ಮಕ್ಕಳ ಹಕ್ಕು ಸಂರಕ್ಷಣಾ ವೇದಿಕೆಯ ಜಿಲ್ಲಾ ಅಧ್ಯಕ್ಷರು ತಿಳಿಸಿದ್ದಾರೆ. ಅನಿಷ್ಟ ಪದ್ಧತಿಯ ವಿರುದ್ಧ ಹಲವು ದಶಕಗಳಿಂದ ಹೋರಾಟ ನಡೆಯುತ್ತಿದ್ದು, 1982 ರಲ್ಲಿ ದೇವದಾಸಿ ಪದ್ಧತಿ ನಿಷೇಧ ಕಾಯ್ದೆ ಜಾರಿಗೆ ಬಂದಿತ್ತು. ಈ ಸಂದರ್ಭದಲ್ಲಿ ಕರ್ನಾಟಕ ರಾಜ್ಯ ದೇವದಾಸಿ ಮಹಿಳೆಯರ ವಿಮೋಚನಾ ಸಂಘ ಸೇರಿದಂತೆ ವಿವಿಧ ಸಂಘಟನೆಗಳು ಹಲವು ವರ್ಷಗಳಿಂದ ನಡೆಸಿದ ಹೋರಾಟದ ಫಲವಾಗಿ ಹೊಸ ಮಸೂದೆ ರೂಪುಗೊಂಡಿದೆ. 2007 ರಲ್ಲಿ ಸರ್ಕಾರ ನಡೆಸಿದ ಸಮೀಕ್ಷೆಯಲ್ಲಿ 46,650 ದೇವದಾಸಿ ಮಹಿಳೆಯರನ್ನು ಗುರುತಿಸಲಾಗಿತ್ತು. ಅವರಲ್ಲಿ ಕೇವಲ 24,284 ಮಹಿಳೆಯರಿಗೆ ಮಾಸಾಶನ ನೀಡಲಾಗುತ್ತಿದೆ ಉಳಿದ 22,376 ಮಹಿಳೆಯರು ಸೌಲಭ್ಯದಿಂದ ವಂಚಿತರಾಗಿದ್ದಾರೆ.

ರಾಜ್ಯದಲ್ಲಿ ದೇವದಾಸಿ ಪದ್ಧತಿ ನಿಷೇಧ ಸಂಬಂಧ ನಿರ್ಣಾಯಕವಾಗಿ ಹೆಜ್ಜೆ ಇಟ್ಟಿರುವ ಕರ್ನಾಟಕ ರಾಜ್ಯ ಸರ್ಕಾರದ ಕ್ರಮ ಸ್ವಾಗತಾರ್ಹವಾಗಿದೆ. ಕರ್ನಾಟಕ ರಾಜ್ಯ ಮಹಿಳಾ ಮತ್ತು ಮಕ್ಕಳ ಹಕ್ಕು ಸಂರಕ್ಷಣಾ ವೇದಿಕೆಯ ಜಿಲ್ಲಾ ಅಧ್ಯಕ್ಷರು ತಿಳಿಸಿದ್ದಾರೆ. ಅನಿಷ್ಟ ಪದ್ಧತಿಯ ವಿರುದ್ಧ ಹಲವು ದಶಕಗಳಿಂದ ಹೋರಾಟ ನಡೆಯುತ್ತಿದ್ದು, 1982 ರಲ್ಲಿ ದೇವದಾಸಿ ಪದ್ಧತಿ ನಿಷೇಧ ಕಾಯ್ದೆ ಜಾರಿಗೆ ಬಂದಿತ್ತು. ಈ ಸಂದರ್ಭದಲ್ಲಿ ಕರ್ನಾಟಕ ರಾಜ್ಯ ದೇವದಾಸಿ ಮಹಿಳೆಯರ ವಿಮೋಚನಾ ಸಂಘ ಸೇರಿದಂತೆ ವಿವಿಧ ಸಂಘಟನೆಗಳು ಹಲವು ವರ್ಷಗಳಿಂದ ನಡೆಸಿದ ಹೋರಾಟದ ಫಲವಾಗಿ ಹೊಸ ಮಸೂದೆ ರೂಪುಗೊಂಡಿದೆ. 2007 ರಲ್ಲಿ ಸರ್ಕಾರ ನಡೆಸಿದ ಸಮೀಕ್ಷೆಯಲ್ಲಿ 46,650 ದೇವದಾಸಿ ಮಹಿಳೆಯರನ್ನು ಗುರುತಿಸಲಾಗಿತ್ತು. ಅವರಲ್ಲಿ ಕೇವಲ 24,284 ಮಹಿಳೆಯರಿಗೆ ಮಾಸಾಶನ ನೀಡಲಾಗುತ್ತಿದೆ ಉಳಿದ 22,376 ಮಹಿಳೆಯರು ಸೌಲಭ್ಯದಿಂದ ವಂಚಿತರಾಗಿದ್ದಾರೆ.

ಪ್ರಸ್ತಾವಿತ ಮಸೂದೆಯಲ್ಲಿ ದೇವದಾಸಿ ಪದ್ಧತಿಯ ನಿರ್ಮೂಲನೆಗೆ ಹಲವು ಕಠಿಣ ಕ್ರಮಗಳನ್ನು ಸೇರಿಸಲಾಗಿದ್ದು, ಪದ್ಧತಿಗೆ ಪ್ರೋತ್ಸಾಹ ನೀಡುವವರಿಗೆ ಕಠಿಣ ಶಿಕ್ಷೆ ವಿಧಿಸುವ ಅಂಶಗಳನ್ನು ಸೇರಿಸಲಾಗಿದೆ. ದೇವದಾಸಿ ಮಹಿಳೆಯರ ಮಕ್ಕಳಿಗೆ ತಂದೆಯ ಹೆಸರನ್ನು ದಾಖಲಿಸುವ ಹಕ್ಕು, ಆಸ್ತಿಯ ಹಕ್ಕು ಸೇರಿದಂತೆ ಪುನರ್ವಸತಿಗಾಗಿ ಹಲವು ಯೋಜನೆಗಳನ್ನು ರೂಪಿಸಲಾಗಿದೆ. ಈ ಮಸೂದೆಯು ಜಾರಿಗೆ ಬಂದಲ್ಲಿ ದೇವದಾಸಿ ಮಹಿಳೆಯರ ಬದುಕಿನಲ್ಲಿ ಹೊಸ ಬೆಳಕು ಮೂಡಲಿದೆ ಎಂದು ಅವರು ಅಭಿಪ್ರಾಯಪಟ್ಟಿದ್ದಾರೆ. ಈ ಕುರಿತು ಸರ್ಕಾರ ತುರ್ತಾಗಿ ಕಾರ್ಯಪ್ರವೃತ್ತರಾಗಬೇಕು ಎಂದು ಒತ್ತಾಯಿಸಿದ್ದಾರೆ.
